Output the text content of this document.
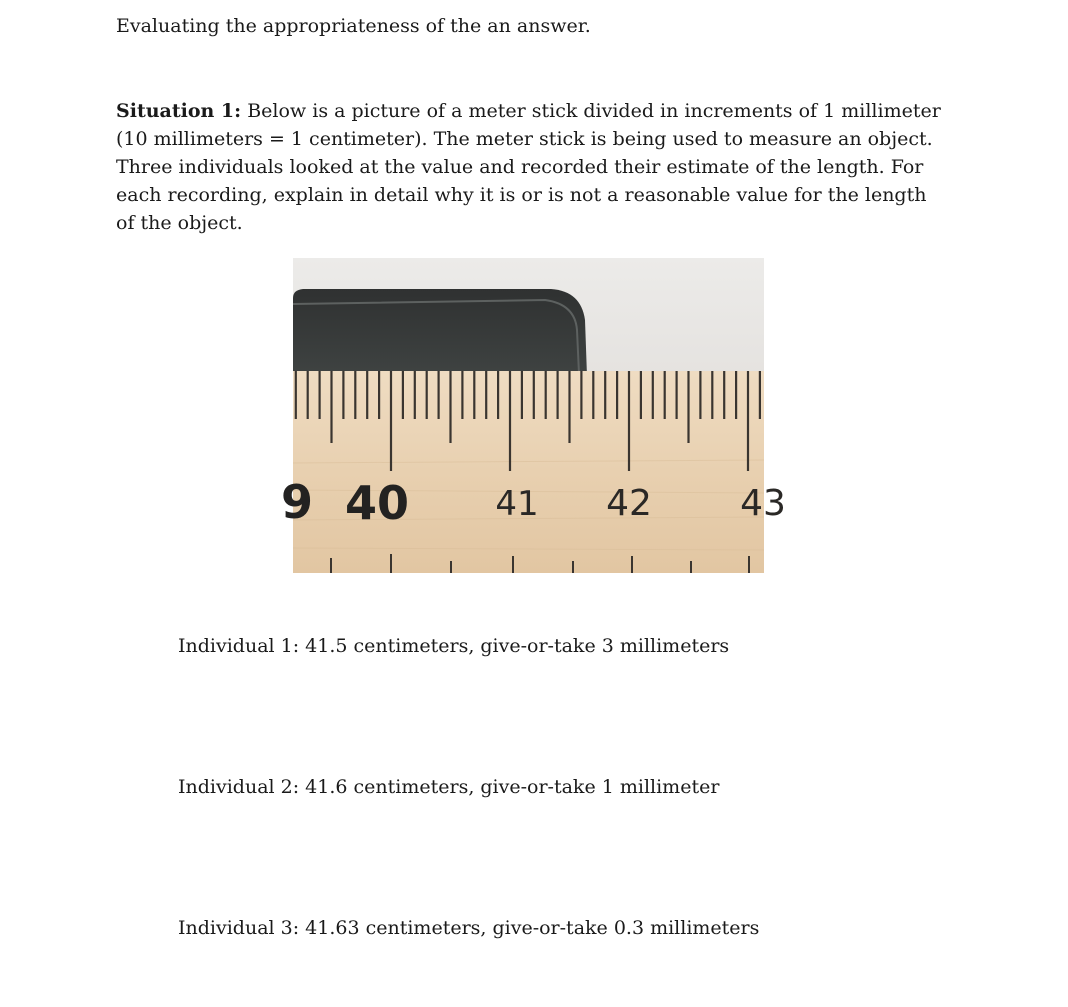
Evaluating the appropriateness of the an answer.

Situation 1: Below is a picture of a meter stick divided in increments of 1 millimeter (10 millimeters = 1 centimeter). The meter stick is being used to measure an object. Three individuals looked at the value and recorded their estimate of the length. For each recording, explain in detail why it is or is not a reasonable value for the length of the object.

9 40	41 42 43

Individual 1: 41.5 centimeters, give-or-take 3 millimeters

Individual 2: 41.6 centimeters, give-or-take 1 millimeter

Individual 3: 41.63 centimeters, give-or-take 0.3 millimeters
